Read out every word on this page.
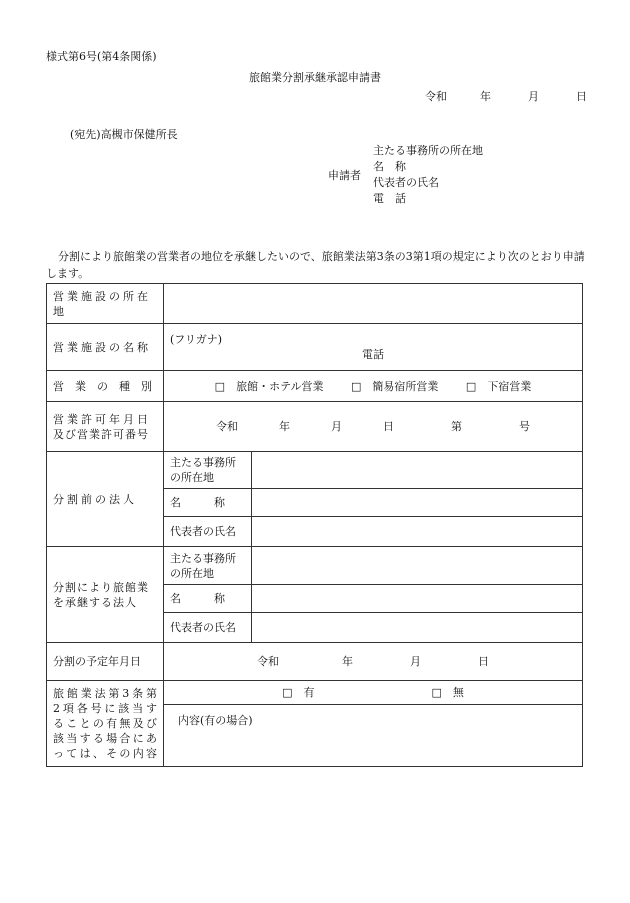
様式第6号(第4条関係)
旅館業分割承継承認申請書
令和	年	月	日
(宛先)高槻市保健所長
申請者
主たる事務所の所在地
名　称
代表者の氏名
電　話
分割により旅館業の営業者の地位を承継したいので、旅館業法第3条の3第1項の規定により次のとおり申請します。
営業施設の所在地		
営業施設の名称	(フリガナ)
電話	

営　業　の　種　別	□　旅館・ホテル営業 □　簡易宿所営業 □　下宿営業	

営業許可年月日
及び営業許可番号	令和 年 月 日 第 号	
分割前の法人	主たる事務所の所在地	
	名　　　称	
	代表者の氏名	

分割により旅館業
を承継する法人	主たる事務所の所在地	
	名　　　称	
	代表者の氏名	
分割の予定年月日	令和 年 月 日	

旅館業法第3条第
2項各号に該当す
ることの有無及び
該当する場合にあ
っては、その内容	□　有 □　無	

	内容(有の場合)	
